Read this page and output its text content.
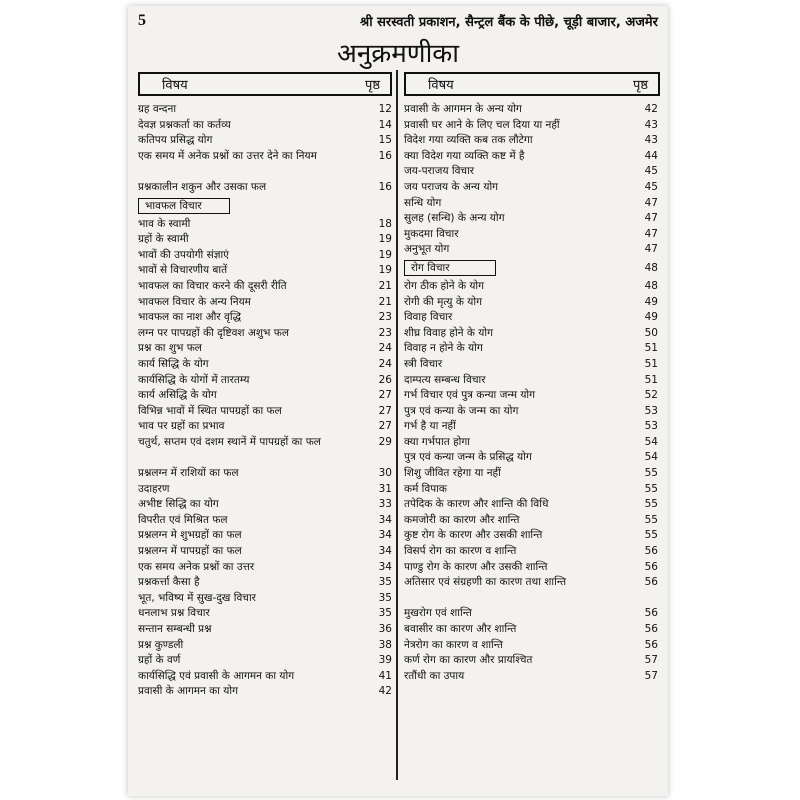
5	श्री सरस्वती प्रकाशन, सैन्ट्रल बैंक के पीछे, चूड़ी बाजार, अजमेर
अनुक्रमणीका
विषय	पृष्ठ
ग्रह वन्दना	12
देवज्ञ प्रश्नकर्ता का कर्तव्य	14
कतिपय प्रसिद्ध योग	15
एक समय में अनेक प्रश्नों का उत्तर देने का नियम	16
प्रश्नकालीन शकुन और उसका फल	16
भावफल विचार
भाव के स्वामी	18
ग्रहों के स्वामी	19
भावों की उपयोगी संज्ञाएं	19
भावों से विचारणीय बातें	19
भावफल का विचार करने की दूसरी रीति	21
भावफल विचार के अन्य नियम	21
भावफल का नाश और वृद्धि	23
लग्न पर पापग्रहों की दृष्टिवश अशुभ फल	23
प्रश्न का शुभ फल	24
कार्य सिद्धि के योग	24
कार्यसिद्धि के योगों में तारतम्य	26
कार्य असिद्धि के योग	27
विभिन्न भावों में स्थित पापग्रहों का फल	27
भाव पर ग्रहों का प्रभाव	27
चतुर्थ, सप्तम एवं दशम स्थानें में पापग्रहों का फल	29
प्रश्नलग्न में राशियों का फल	30
उदाहरण	31
अभीष्ट सिद्धि का योग	33
विपरीत एवं मिश्रित फल	34
प्रश्नलग्न मे शुभग्रहों का फल	34
प्रश्नलग्न में पापग्रहों का फल	34
एक समय अनेक प्रश्नों का उत्तर	34
प्रश्नकर्त्ता कैसा है	35
भूत, भविष्य में सुख-दुख विचार	35
धनलाभ प्रश्न विचार	35
सन्तान सम्बन्धी प्रश्न	36
प्रश्न कुण्डली	38
ग्रहों के वर्ण	39
कार्यसिद्धि एवं प्रवासी के आगमन का योग	41
प्रवासी के आगमन का योग	42
विषय	पृष्ठ
प्रवासी के आगमन के अन्य योग	42
प्रवासी घर आने के लिए चल दिया या नहीं	43
विदेश गया व्यक्ति कब तक लौटेगा	43
क्या विदेश गया व्यक्ति कष्ट में है	44
जय-पराजय विचार	45
जय पराजय के अन्य योग	45
सन्धि योग	47
सुलह (सन्धि) के अन्य योग	47
मुकदमा विचार	47
अनुभूत योग	47
रोग विचार	48
रोग ठीक होने के योग	48
रोगी की मृत्यु के योग	49
विवाह विचार	49
शीघ्र विवाह होने के योग	50
विवाह न होने के योग	51
स्त्री विचार	51
दाम्पत्य सम्बन्ध विचार	51
गर्भ विचार एवं पुत्र कन्या जन्म योग	52
पुत्र एवं कन्या के जन्म का योग	53
गर्भ है या नहीं	53
क्या गर्भपात होगा	54
पुत्र एवं कन्या जन्म के प्रसिद्ध योग	54
शिशु जीवित रहेगा या नहीं	55
कर्म विपाक	55
तपेदिक के कारण और शान्ति की विधि	55
कमजोरी का कारण और शान्ति	55
कुष्ट रोग के कारण और उसकी शान्ति	55
विसर्प रोग का कारण व शान्ति	56
पाण्डु रोग के कारण और उसकी शान्ति	56
अतिसार एवं संग्रहणी का कारण तथा शान्ति	56
मुखरोग एवं शान्ति	56
बवासीर का कारण और शान्ति	56
नेत्ररोग का कारण व शान्ति	56
कर्ण रोग का कारण और प्रायश्चित	57
रतौंधी का उपाय	57
